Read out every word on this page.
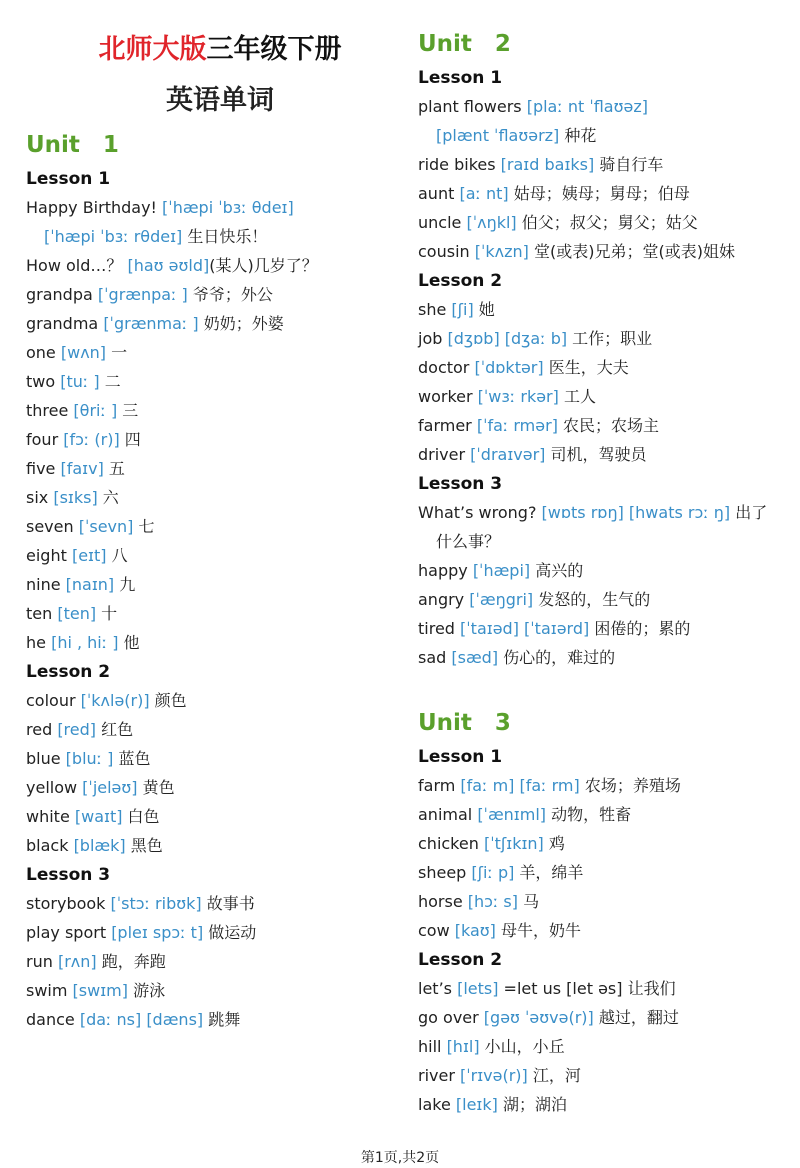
北师大版三年级下册
英语单词
Unit　1
Lesson 1
Happy Birthday! [ˈhæpi ˈbɜː θdeɪ]
[ˈhæpi ˈbɜː rθdeɪ] 生日快乐！
How old…？ [haʊ əʊld](某人)几岁了？
grandpa [ˈgrænpaː ] 爷爷；外公
grandma [ˈgrænmaː ] 奶奶；外婆
one [wʌn] 一
two [tuː ] 二
three [θriː ] 三
four [fɔː (r)] 四
five [faɪv] 五
six [sɪks] 六
seven [ˈsevn] 七
eight [eɪt] 八
nine [naɪn] 九
ten [ten] 十
he [hi , hiː ] 他
Lesson 2
colour [ˈkʌlə(r)] 颜色
red [red] 红色
blue [bluː ] 蓝色
yellow [ˈjeləʊ] 黄色
white [waɪt] 白色
black [blæk] 黑色
Lesson 3
storybook [ˈstɔː ribʊk] 故事书
play sport [pleɪ spɔː t] 做运动
run [rʌn] 跑，奔跑
swim [swɪm] 游泳
dance [daː ns] [dæns] 跳舞
Unit　2
Lesson 1
plant flowers [plaː nt ˈflaʊəz]
[plænt ˈflaʊərz] 种花
ride bikes [raɪd baɪks] 骑自行车
aunt [aː nt] 姑母；姨母；舅母；伯母
uncle [ˈʌŋkl] 伯父；叔父；舅父；姑父
cousin [ˈkʌzn] 堂(或表)兄弟；堂(或表)姐妹
Lesson 2
she [ʃi] 她
job [dʒɒb] [dʒaː b] 工作；职业
doctor [ˈdɒktər] 医生，大夫
worker [ˈwɜː rkər] 工人
farmer [ˈfaː rmər] 农民；农场主
driver [ˈdraɪvər] 司机，驾驶员
Lesson 3
What’s wrong? [wɒts rɒŋ] [hwats rɔː ŋ] 出了
什么事？
happy [ˈhæpi] 高兴的
angry [ˈæŋgri] 发怒的，生气的
tired [ˈtaɪəd] [ˈtaɪərd] 困倦的；累的
sad [sæd] 伤心的，难过的
Unit　3
Lesson 1
farm [faː m] [faː rm] 农场；养殖场
animal [ˈænɪml] 动物，牲畜
chicken [ˈtʃɪkɪn] 鸡
sheep [ʃiː p] 羊，绵羊
horse [hɔː s] 马
cow [kaʊ] 母牛，奶牛
Lesson 2
let’s [lets] =let us [let əs] 让我们
go over [gəʊ ˈəʊvə(r)] 越过，翻过
hill [hɪl] 小山，小丘
river [ˈrɪvə(r)] 江，河
lake [leɪk] 湖；湖泊
第1页,共2页
